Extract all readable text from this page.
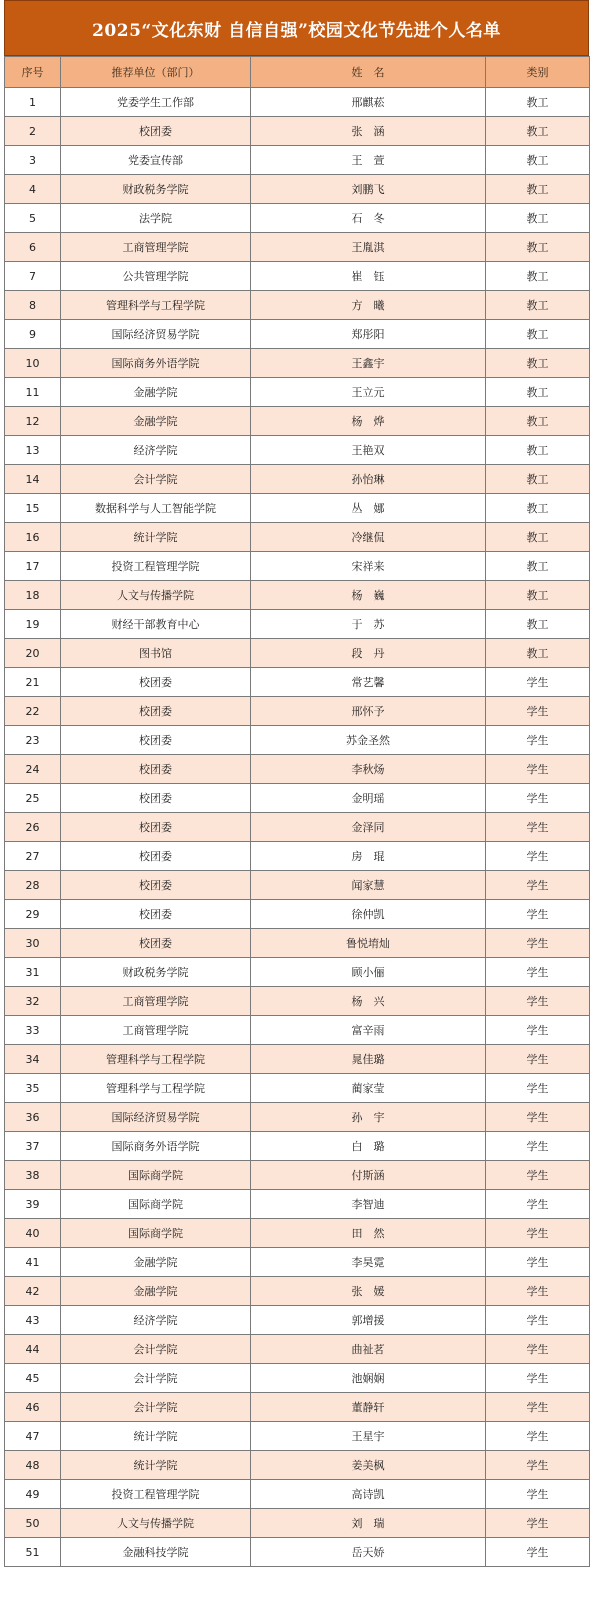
2025“文化东财 自信自强”校园文化节先进个人名单
序号	推荐单位（部门）	姓　名	类别
1	党委学生工作部	邢麒菘	教工
2	校团委	张　涵	教工
3	党委宣传部	王　萱	教工
4	财政税务学院	刘鹏飞	教工
5	法学院	石　冬	教工
6	工商管理学院	王胤淇	教工
7	公共管理学院	崔　钰	教工
8	管理科学与工程学院	方　曦	教工
9	国际经济贸易学院	郑彤阳	教工
10	国际商务外语学院	王鑫宇	教工
11	金融学院	王立元	教工
12	金融学院	杨　烨	教工
13	经济学院	王艳双	教工
14	会计学院	孙怡琳	教工
15	数据科学与人工智能学院	丛　娜	教工
16	统计学院	冷继侃	教工
17	投资工程管理学院	宋祥来	教工
18	人文与传播学院	杨　巍	教工
19	财经干部教育中心	于　苏	教工
20	图书馆	段　丹	教工
21	校团委	常艺馨	学生
22	校团委	邢怀予	学生
23	校团委	苏金圣然	学生
24	校团委	李秋炀	学生
25	校团委	金明瑶	学生
26	校团委	金泽同	学生
27	校团委	房　琨	学生
28	校团委	闻家慧	学生
29	校团委	徐仲凯	学生
30	校团委	鲁悦堉灿	学生
31	财政税务学院	顾小俪	学生
32	工商管理学院	杨　兴	学生
33	工商管理学院	富辛雨	学生
34	管理科学与工程学院	晁佳璐	学生
35	管理科学与工程学院	蔺家莹	学生
36	国际经济贸易学院	孙　宇	学生
37	国际商务外语学院	白　璐	学生
38	国际商学院	付斯涵	学生
39	国际商学院	李智迪	学生
40	国际商学院	田　然	学生
41	金融学院	李昊霓	学生
42	金融学院	张　媛	学生
43	经济学院	郭增援	学生
44	会计学院	曲祉茗	学生
45	会计学院	池娴娴	学生
46	会计学院	董静轩	学生
47	统计学院	王星宇	学生
48	统计学院	姜美枫	学生
49	投资工程管理学院	高诗凯	学生
50	人文与传播学院	刘　瑞	学生
51	金融科技学院	岳天娇	学生
